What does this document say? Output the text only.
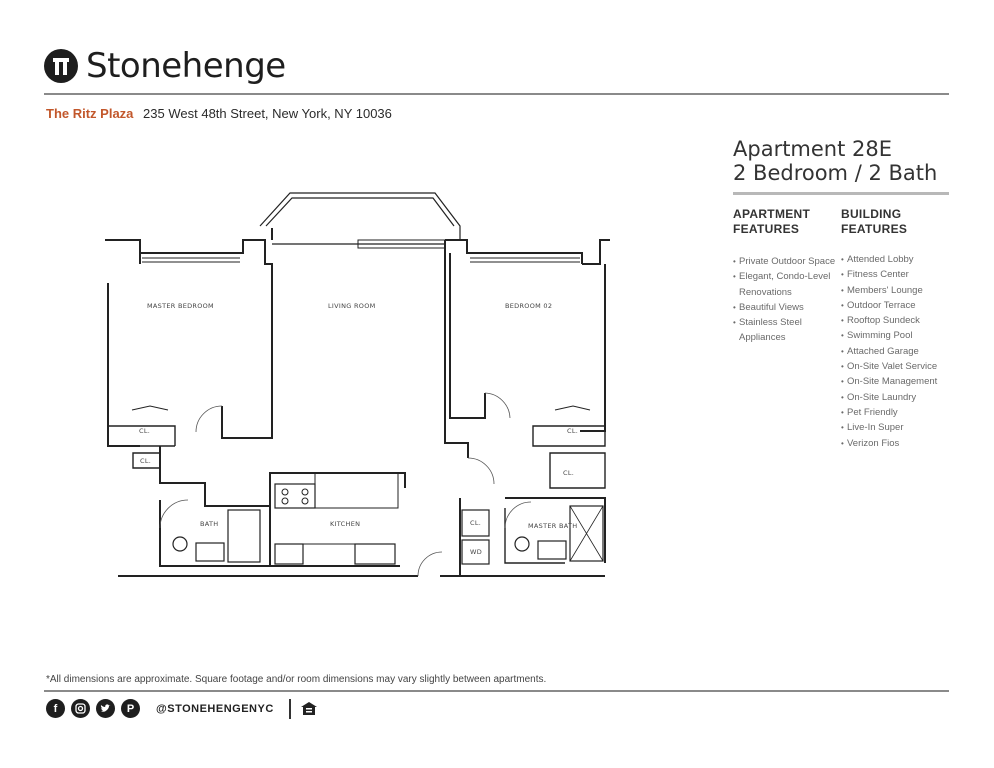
Stonehenge
The Ritz Plaza 235 West 48th Street, New York, NY 10036
Apartment 28E
2 Bedroom / 2 Bath
APARTMENT FEATURES
BUILDING FEATURES
• Private Outdoor Space
• Elegant, Condo-Level Renovations
• Beautiful Views
• Stainless Steel Appliances
• Attended Lobby
• Fitness Center
• Members' Lounge
• Outdoor Terrace
• Rooftop Sundeck
• Swimming Pool
• Attached Garage
• On-Site Valet Service
• On-Site Management
• On-Site Laundry
• Pet Friendly
• Live-In Super
• Verizon Fios
MASTER BEDROOM	LIVING ROOM	BEDROOM 02
CL.
CL.
BATH	KITCHEN
CL.
CL.
CL.
WD
MASTER BATH
*All dimensions are approximate. Square footage and/or room dimensions may vary slightly between apartments.
f	P	@STONEHENGENYC
